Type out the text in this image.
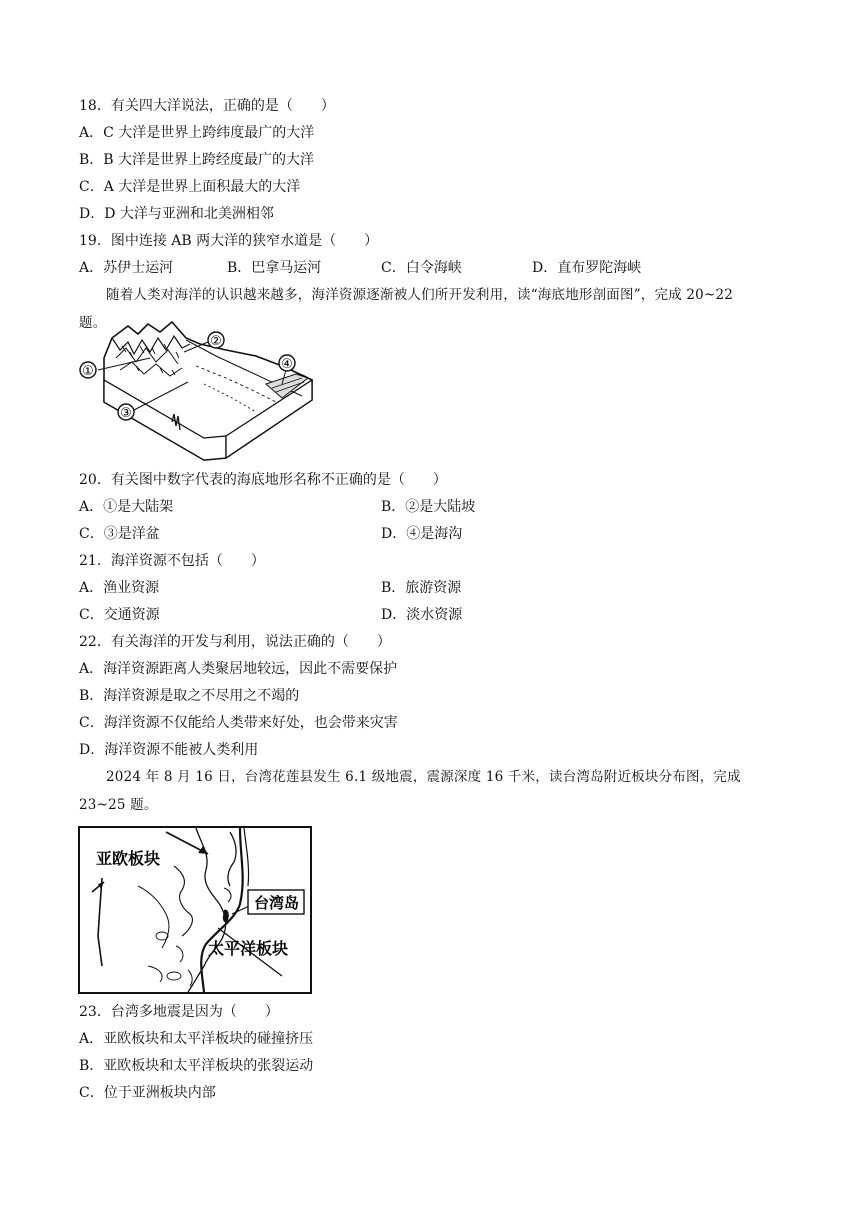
18．有关四大洋说法，正确的是（　　）
A．C 大洋是世界上跨纬度最广的大洋
B．B 大洋是世界上跨经度最广的大洋
C．A 大洋是世界上面积最大的大洋
D．D 大洋与亚洲和北美洲相邻
19．图中连接 AB 两大洋的狭窄水道是（　　）
A．苏伊士运河	B．巴拿马运河	C．白令海峡	D．直布罗陀海峡
随着人类对海洋的认识越来越多，海洋资源逐渐被人们所开发利用，读“海底地形剖面图”，完成 20~22
题。
①
②
③
④
20．有关图中数字代表的海底地形名称不正确的是（　　）
A．①是大陆架	B．②是大陆坡
C．③是洋盆	D．④是海沟
21．海洋资源不包括（　　）
A．渔业资源	B．旅游资源
C．交通资源	D．淡水资源
22．有关海洋的开发与利用，说法正确的（　　）
A．海洋资源距离人类聚居地较远，因此不需要保护
B．海洋资源是取之不尽用之不竭的
C．海洋资源不仅能给人类带来好处，也会带来灾害
D．海洋资源不能被人类利用
2024 年 8 月 16 日，台湾花莲县发生 6.1 级地震，震源深度 16 千米，读台湾岛附近板块分布图，完成
23~25 题。
亚欧板块
台湾岛
太平洋板块
23．台湾多地震是因为（　　）
A．亚欧板块和太平洋板块的碰撞挤压
B．亚欧板块和太平洋板块的张裂运动
C．位于亚洲板块内部
